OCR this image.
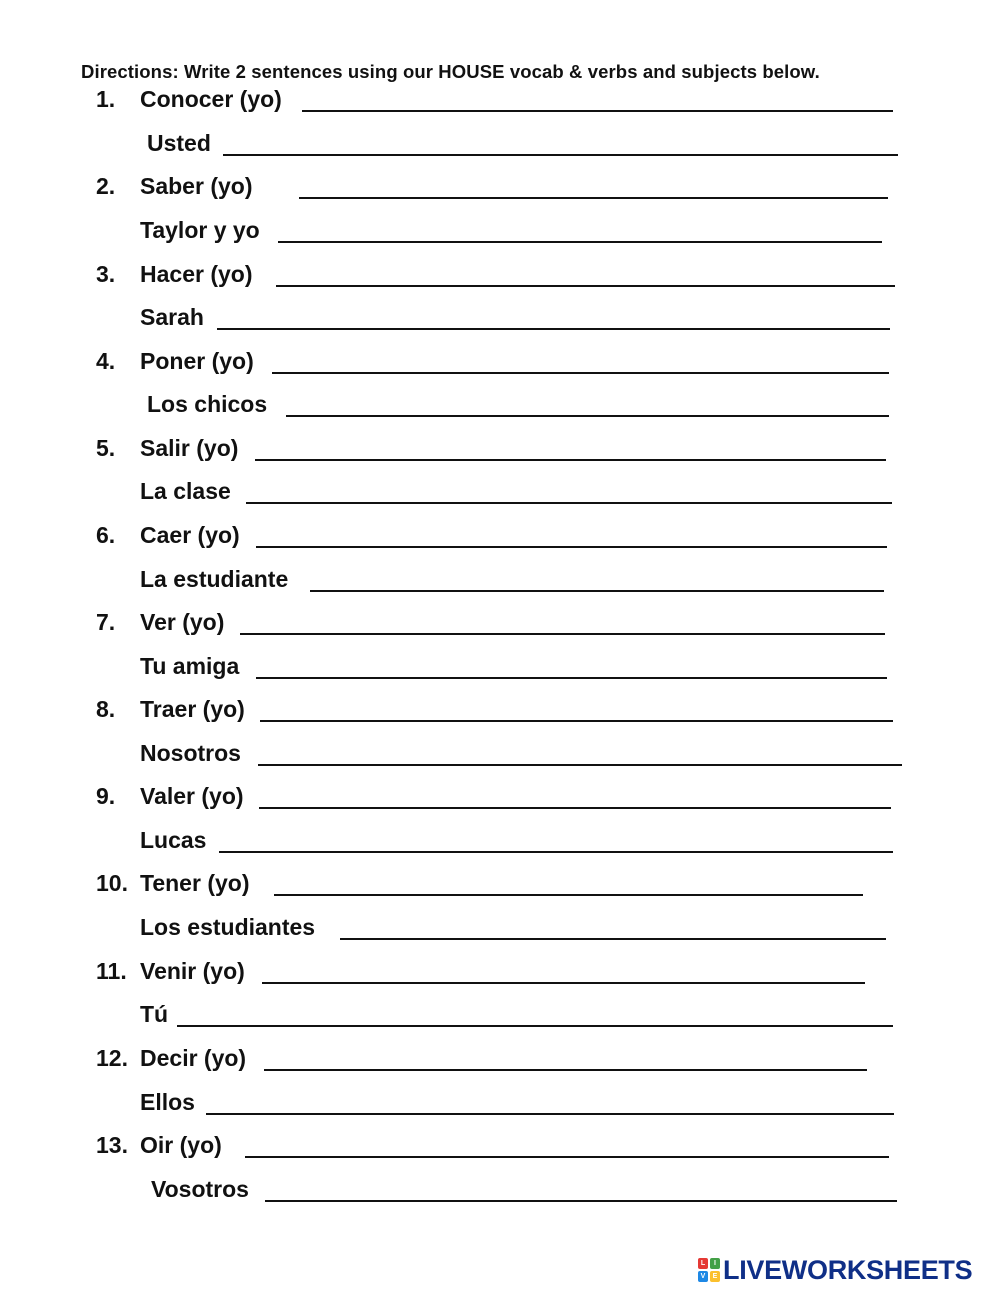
Directions: Write 2 sentences using our HOUSE vocab & verbs and subjects below.
1. Conocer (yo)
Usted
2. Saber (yo)
Taylor y yo
3. Hacer (yo)
Sarah
4. Poner (yo)
Los chicos
5. Salir (yo)
La clase
6. Caer (yo)
La estudiante
7. Ver (yo)
Tu amiga
8. Traer (yo)
Nosotros
9. Valer (yo)
Lucas
10. Tener (yo)
Los estudiantes
11. Venir (yo)
Tú
12. Decir (yo)
Ellos
13. Oir (yo)
Vosotros
L	I
V	E LIVEWORKSHEETS
